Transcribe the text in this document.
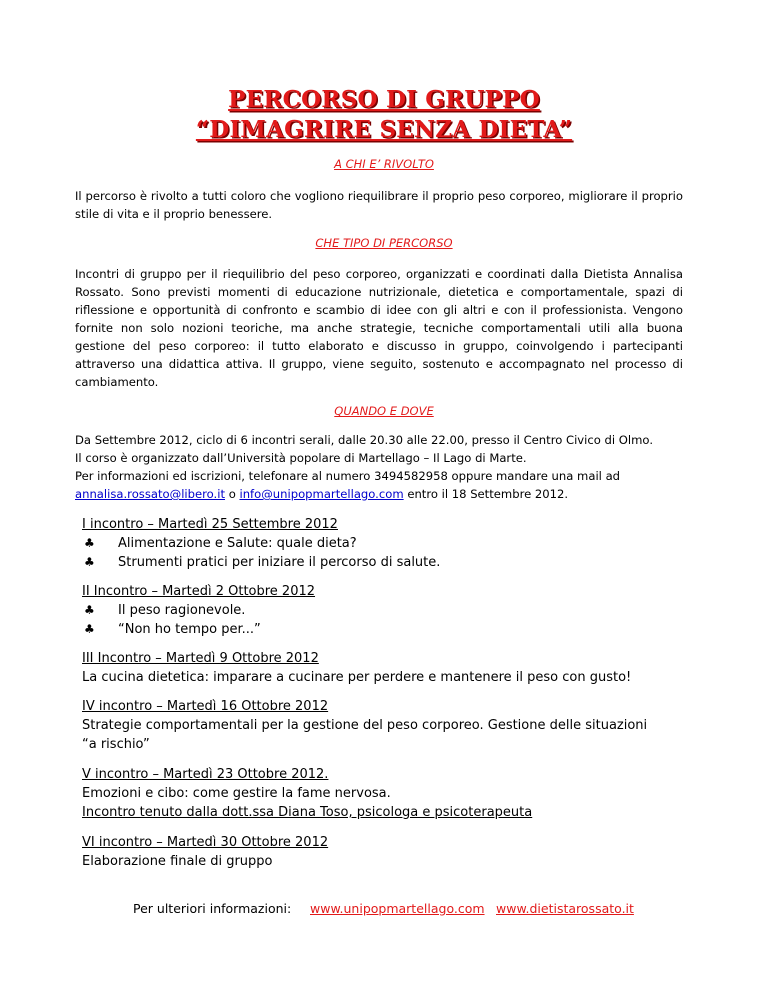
PERCORSO DI GRUPPO
“DIMAGRIRE SENZA DIETA”
A CHI E’ RIVOLTO
Il percorso è rivolto a tutti coloro che vogliono riequilibrare il proprio peso corporeo, migliorare il proprio stile di vita e il proprio benessere.
CHE TIPO DI PERCORSO
Incontri di gruppo per il riequilibrio del peso corporeo, organizzati e coordinati dalla Dietista Annalisa Rossato. Sono previsti momenti di educazione nutrizionale, dietetica e comportamentale, spazi di riflessione e opportunità di confronto e scambio di idee con gli altri e con il professionista. Vengono fornite non solo nozioni teoriche, ma anche strategie, tecniche comportamentali utili alla buona gestione del peso corporeo: il tutto elaborato e discusso in gruppo, coinvolgendo i partecipanti attraverso una didattica attiva. Il gruppo, viene seguito, sostenuto e accompagnato nel processo di cambiamento.
QUANDO E DOVE
Da Settembre 2012, ciclo di 6 incontri serali, dalle 20.30 alle 22.00, presso il Centro Civico di Olmo.
Il corso è organizzato dall’Università popolare di Martellago – Il Lago di Marte.
Per informazioni ed iscrizioni, telefonare al numero 3494582958 oppure mandare una mail ad
annalisa.rossato@libero.it o info@unipopmartellago.com entro il 18 Settembre 2012.
I incontro – Martedì 25 Settembre 2012
♣ Alimentazione e Salute: quale dieta?
♣ Strumenti pratici per iniziare il percorso di salute.
II Incontro – Martedì 2 Ottobre 2012
♣ Il peso ragionevole.
♣ “Non ho tempo per...”
III Incontro – Martedì 9 Ottobre 2012
La cucina dietetica: imparare a cucinare per perdere e mantenere il peso con gusto!
IV incontro – Martedì 16 Ottobre 2012
Strategie comportamentali per la gestione del peso corporeo. Gestione delle situazioni
“a rischio”
V incontro – Martedì 23 Ottobre 2012.
Emozioni e cibo: come gestire la fame nervosa.
Incontro tenuto dalla dott.ssa Diana Toso, psicologa e psicoterapeuta
VI incontro – Martedì 30 Ottobre 2012
Elaborazione finale di gruppo
Per ulteriori informazioni:	www.unipopmartellago.com www.dietistarossato.it
